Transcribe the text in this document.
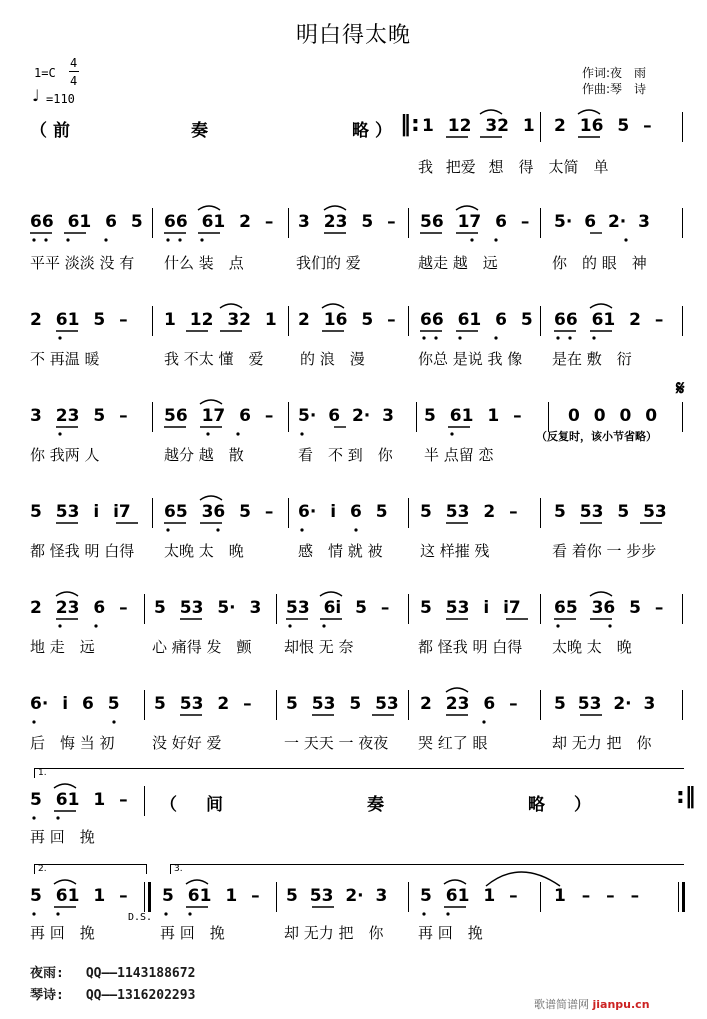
明白得太晚
1=C
4
4
♩ =110
作词:夜　雨
作曲:琴　诗
（前　　　　　奏　　　　　　略） ‖: 1 12 32 1 2 16 5 –
我 把爱 想　得　太简　单
66 61 6 5 66 61 2 – 3 23 5 – 56 17 6 – 5· 6 2· 3
平平 淡淡 没 有 什么 装　点	我们的 爱	越走 越　远	你　的 眼　神
2 61 5 – 1 12 32 1 2 16 5 – 66 61 6 5 66 61 2 –
不 再温 暖	我 不太 懂　爱 的 浪　漫	你总 是说 我 像 是在 敷　衍
𝄋
3 23 5 – 56 17 6 – 5· 6 2· 3 5 61 1 –	0 0 0 0
（反复时，该小节省略）
你 我两 人	越分 越　散	看　不 到　你 半 点留 恋
5 53 i i7 65 36 5 – 6· i 6 5 5 53 2 – 5 53 5 53
都 怪我 明 白得 太晚 太　晚	感　情 就 被 这 样摧 残	看 着你 一 步步
2 23 6 – 5 53 5· 3 53 6i 5 – 5 53 i i7 65 36 5 –
地 走　远	心 痛得 发　颤 却恨 无 奈	都 怪我 明 白得 太晚 太　晚
6· i 6 5 5 53 2 – 5 53 5 53 2 23 6 – 5 53 2· 3
后　悔 当 初 没 好好 爱	一 天天 一 夜夜 哭 红了 眼	却 无力 把　你
1.
5 61 1 – （　间　　　　　　奏　　　　　　略　）	:‖
再 回　挽
2.	3.
5 61 1 –
D.S.
5 61 1 – 5 53 2· 3 5 61 1 – 1 – – –
再 回　挽	再 回　挽	却 无力 把　你 再 回　挽
夜雨: QQ——1143188672
琴诗: QQ——1316202293
歌谱简谱网 jianpu.cn
